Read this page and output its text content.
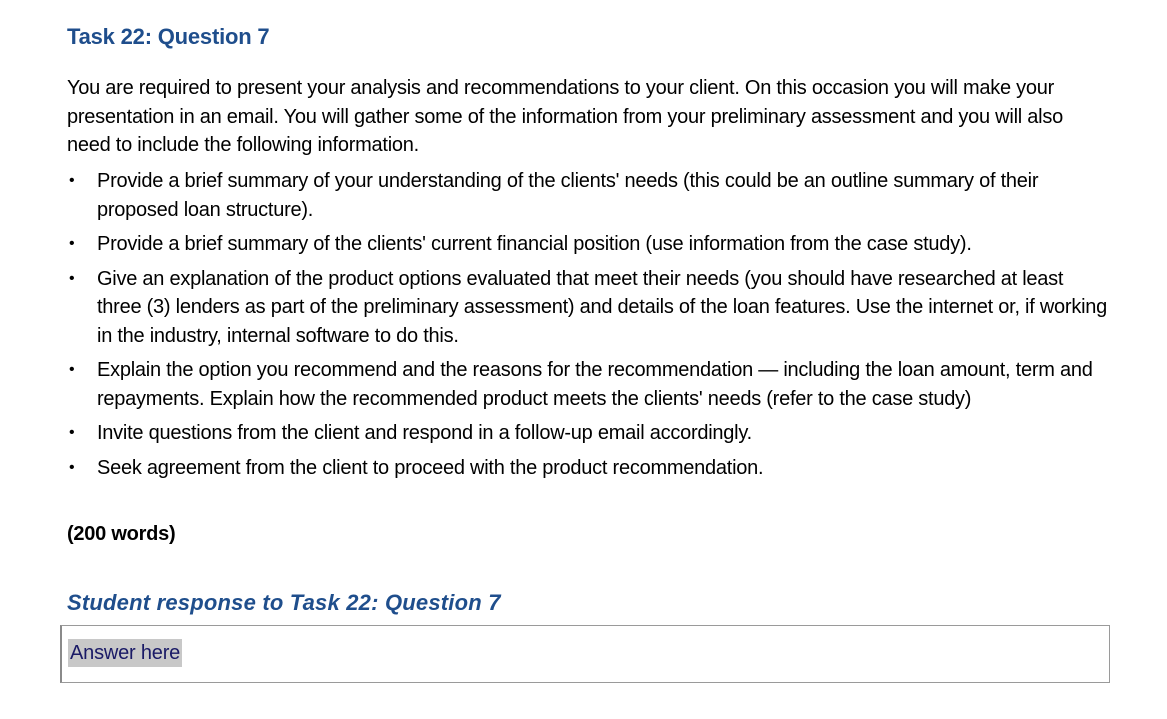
Task 22: Question 7

You are required to present your analysis and recommendations to your client. On this occasion you will make your presentation in an email. You will gather some of the information from your preliminary assessment and you will also need to include the following information.

• Provide a brief summary of your understanding of the clients' needs (this could be an outline summary of their proposed loan structure).
• Provide a brief summary of the clients' current financial position (use information from the case study).
• Give an explanation of the product options evaluated that meet their needs (you should have researched at least three (3) lenders as part of the preliminary assessment) and details of the loan features. Use the internet or, if working in the industry, internal software to do this.
• Explain the option you recommend and the reasons for the recommendation — including the loan amount, term and repayments. Explain how the recommended product meets the clients' needs (refer to the case study)
• Invite questions from the client and respond in a follow-up email accordingly.
• Seek agreement from the client to proceed with the product recommendation.

(200 words)

Student response to Task 22: Question 7
Answer here
